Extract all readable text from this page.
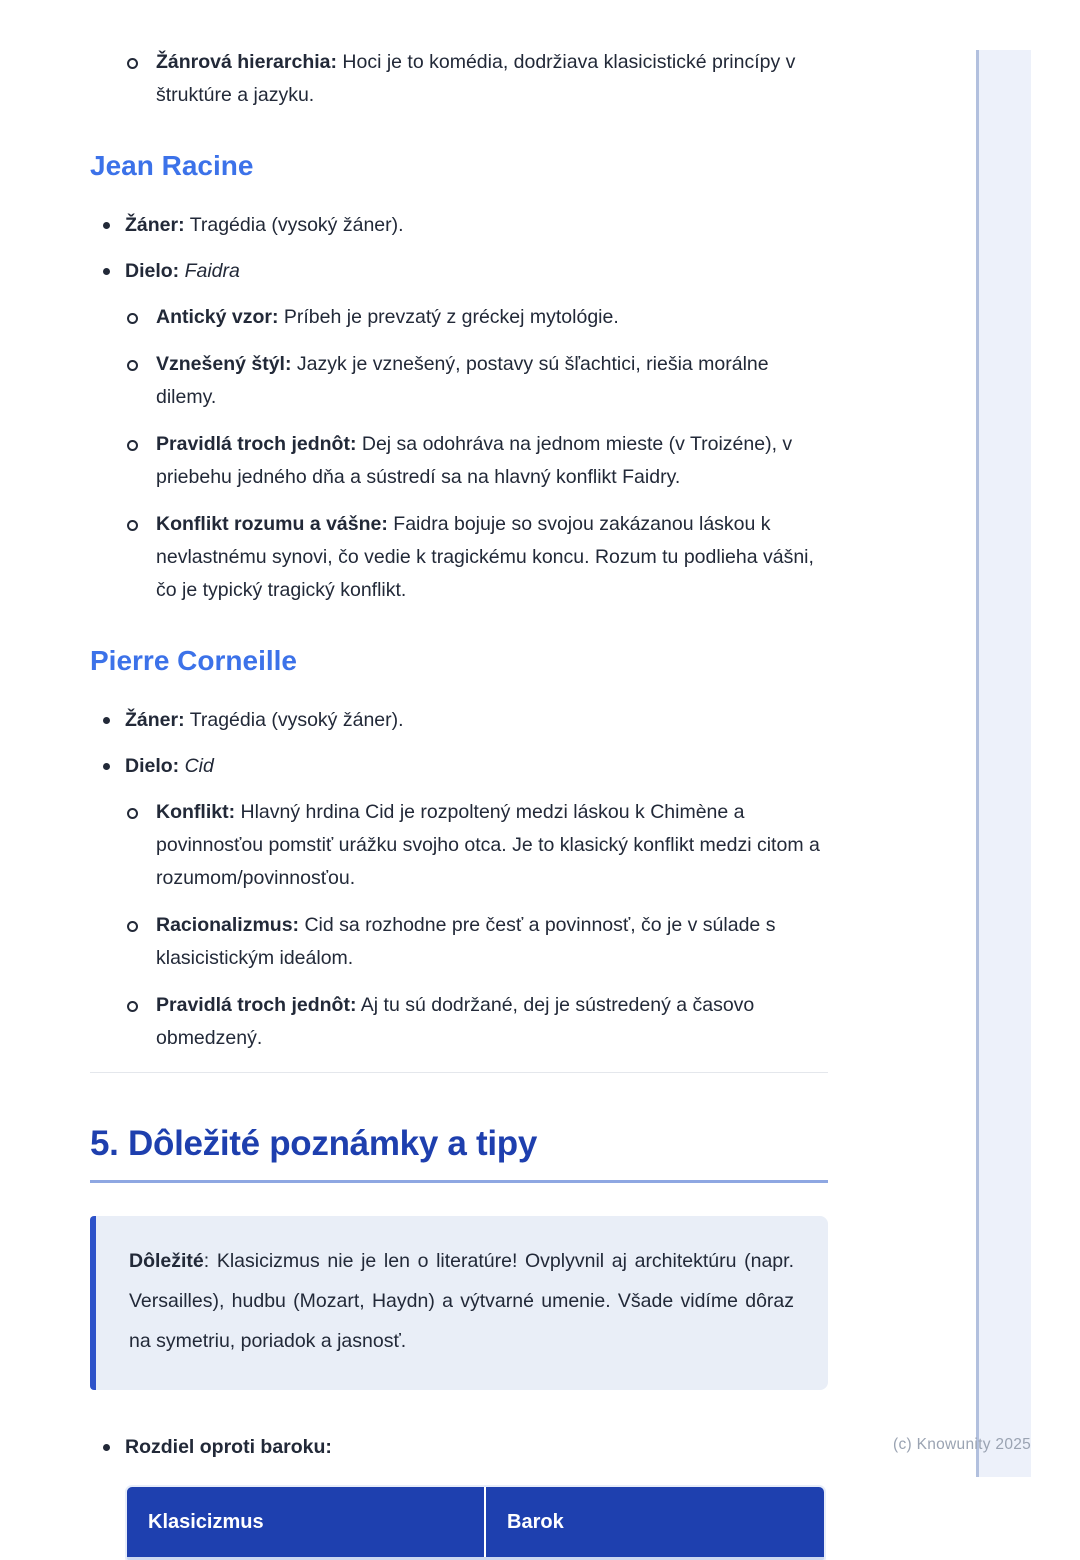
(c) Knowunity 2025
Žánrová hierarchia: Hoci je to komédia, dodržiava klasicistické princípy v štruktúre a jazyku.
Jean Racine
Žáner: Tragédia (vysoký žáner).
Dielo: Faidra
Antický vzor: Príbeh je prevzatý z gréckej mytológie.
Vznešený štýl: Jazyk je vznešený, postavy sú šľachtici, riešia morálne dilemy.
Pravidlá troch jednôt: Dej sa odohráva na jednom mieste (v Troizéne), v priebehu jedného dňa a sústredí sa na hlavný konflikt Faidry.
Konflikt rozumu a vášne: Faidra bojuje so svojou zakázanou láskou k nevlastnému synovi, čo vedie k tragickému koncu. Rozum tu podlieha vášni, čo je typický tragický konflikt.
Pierre Corneille
Žáner: Tragédia (vysoký žáner).
Dielo: Cid
Konflikt: Hlavný hrdina Cid je rozpoltený medzi láskou k Chimène a povinnosťou pomstiť urážku svojho otca. Je to klasický konflikt medzi citom a rozumom/povinnosťou.
Racionalizmus: Cid sa rozhodne pre česť a povinnosť, čo je v súlade s klasicistickým ideálom.
Pravidlá troch jednôt: Aj tu sú dodržané, dej je sústredený a časovo obmedzený.
5. Dôležité poznámky a tipy
Dôležité: Klasicizmus nie je len o literatúre! Ovplyvnil aj architektúru (napr. Versailles), hudbu (Mozart, Haydn) a výtvarné umenie. Všade vidíme dôraz na symetriu, poriadok a jasnosť.
Rozdiel oproti baroku:
Klasicizmus	Barok
